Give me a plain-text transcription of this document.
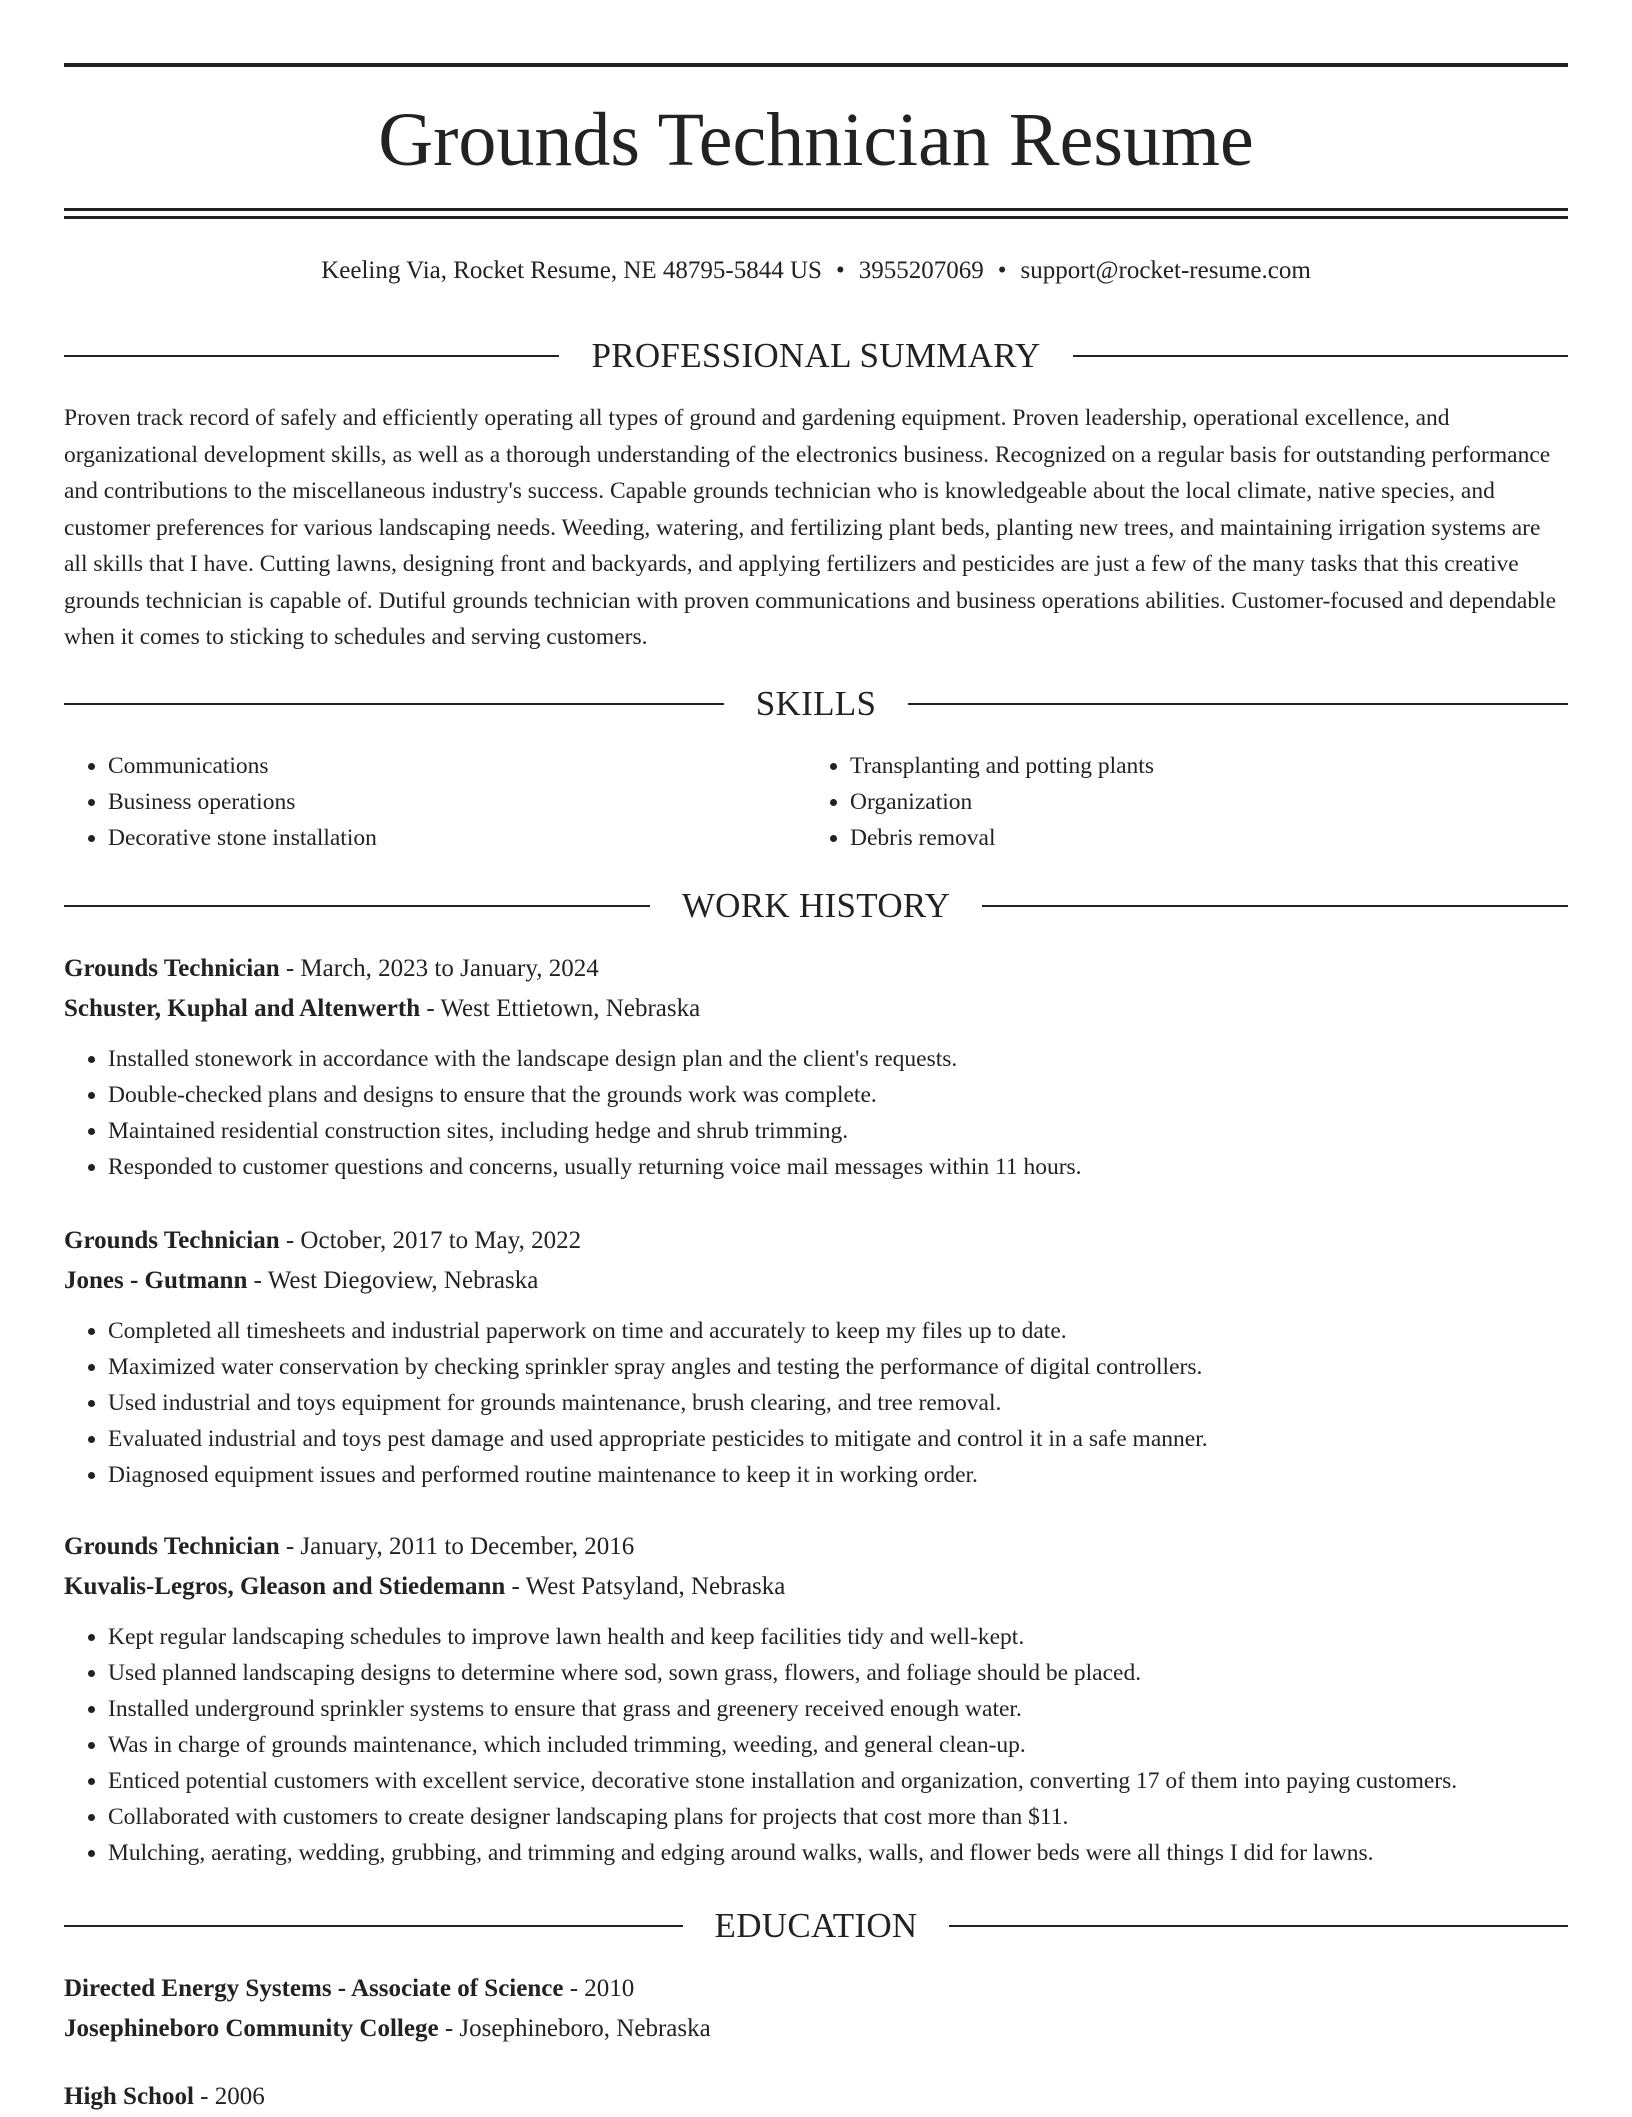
Grounds Technician Resume
Keeling Via, Rocket Resume, NE 48795-5844 US • 3955207069 • support@rocket-resume.com
PROFESSIONAL SUMMARY

Proven track record of safely and efficiently operating all types of ground and gardening equipment. Proven leadership, operational excellence, and organizational development skills, as well as a thorough understanding of the electronics business. Recognized on a regular basis for outstanding performance and contributions to the miscellaneous industry's success. Capable grounds technician who is knowledgeable about the local climate, native species, and customer preferences for various landscaping needs. Weeding, watering, and fertilizing plant beds, planting new trees, and maintaining irrigation systems are all skills that I have. Cutting lawns, designing front and backyards, and applying fertilizers and pesticides are just a few of the many tasks that this creative grounds technician is capable of. Dutiful grounds technician with proven communications and business operations abilities. Customer-focused and dependable when it comes to sticking to schedules and serving customers.

SKILLS
• Communications
• Business operations
• Decorative stone installation
• Transplanting and potting plants
• Organization
• Debris removal
WORK HISTORY
Grounds Technician - March, 2023 to January, 2024
Schuster, Kuphal and Altenwerth - West Ettietown, Nebraska
• Installed stonework in accordance with the landscape design plan and the client's requests.
• Double-checked plans and designs to ensure that the grounds work was complete.
• Maintained residential construction sites, including hedge and shrub trimming.
• Responded to customer questions and concerns, usually returning voice mail messages within 11 hours.
Grounds Technician - October, 2017 to May, 2022
Jones - Gutmann - West Diegoview, Nebraska
• Completed all timesheets and industrial paperwork on time and accurately to keep my files up to date.
• Maximized water conservation by checking sprinkler spray angles and testing the performance of digital controllers.
• Used industrial and toys equipment for grounds maintenance, brush clearing, and tree removal.
• Evaluated industrial and toys pest damage and used appropriate pesticides to mitigate and control it in a safe manner.
• Diagnosed equipment issues and performed routine maintenance to keep it in working order.
Grounds Technician - January, 2011 to December, 2016
Kuvalis-Legros, Gleason and Stiedemann - West Patsyland, Nebraska
• Kept regular landscaping schedules to improve lawn health and keep facilities tidy and well-kept.
• Used planned landscaping designs to determine where sod, sown grass, flowers, and foliage should be placed.
• Installed underground sprinkler systems to ensure that grass and greenery received enough water.
• Was in charge of grounds maintenance, which included trimming, weeding, and general clean-up.
• Enticed potential customers with excellent service, decorative stone installation and organization, converting 17 of them into paying customers.
• Collaborated with customers to create designer landscaping plans for projects that cost more than $11.
• Mulching, aerating, wedding, grubbing, and trimming and edging around walks, walls, and flower beds were all things I did for lawns.
EDUCATION
Directed Energy Systems - Associate of Science - 2010
Josephineboro Community College - Josephineboro, Nebraska
High School - 2006
